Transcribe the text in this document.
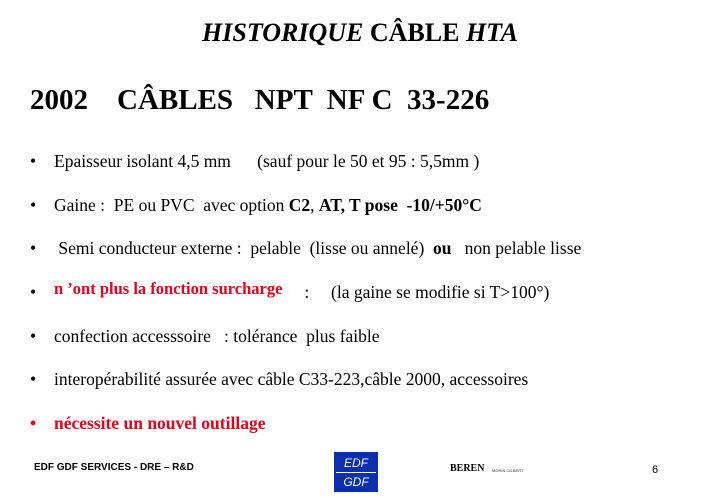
HISTORIQUE CÂBLE HTA
2002    CÂBLES   NPT  NF C  33-226
• Epaisseur isolant 4,5 mm      (sauf pour le 50 et 95 : 5,5mm )
• Gaine :  PE ou PVC  avec option C2, AT, T pose  -10/+50°C
• Semi conducteur externe :  pelable  (lisse ou annelé)  ou   non pelable lisse
• n ’ont plus la fonction surcharge     :     (la gaine se modifie si T>100°)
• confection accesssoire   : tolérance  plus faible
• interopérabilité assurée avec câble C33-223,câble 2000, accessoires
• nécessite un nouvel outillage
EDF GDF SERVICES - DRE – R&D	EDF
GDF
BEREN MORIN GILBERT	6
